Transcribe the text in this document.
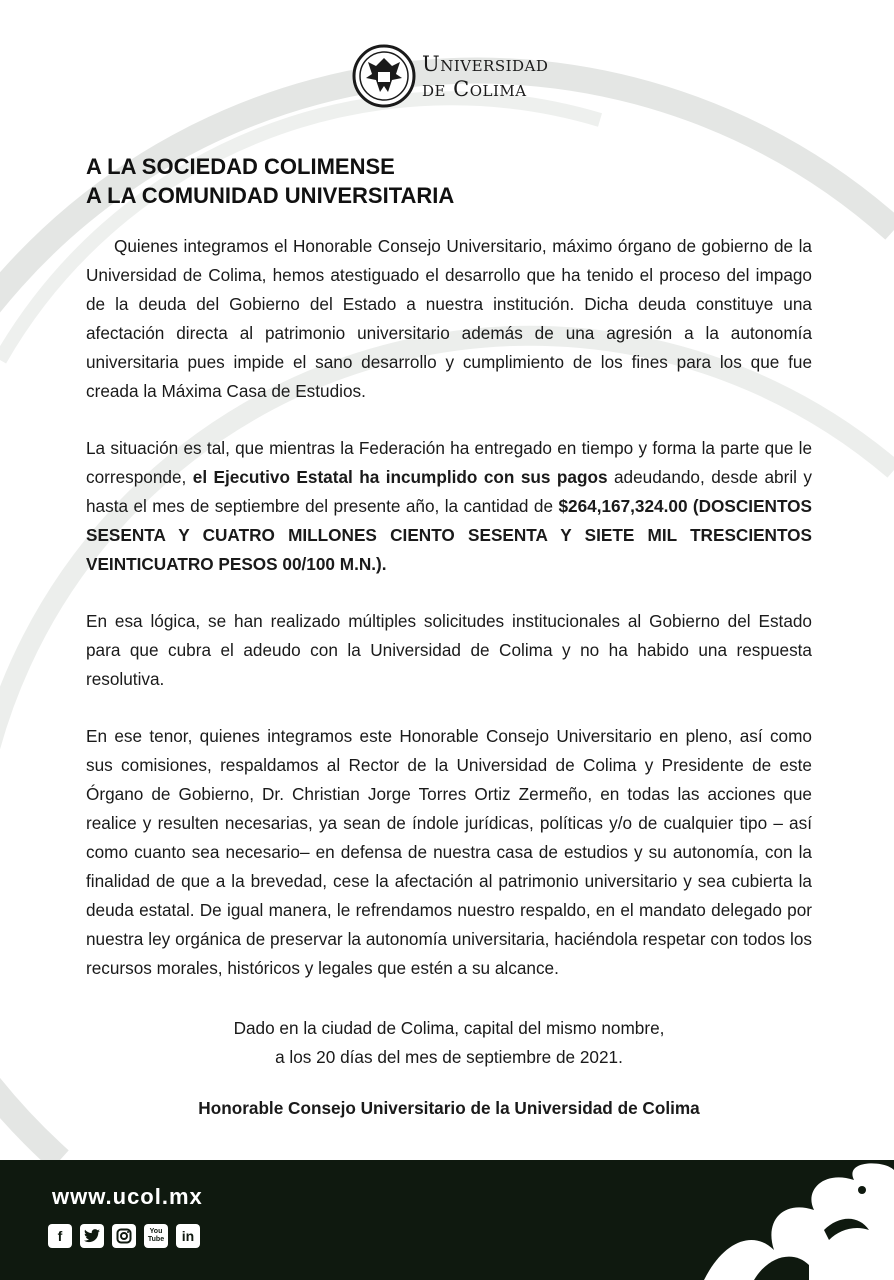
Universidad
de Colima
A LA SOCIEDAD COLIMENSE
A LA COMUNIDAD UNIVERSITARIA

Quienes integramos el Honorable Consejo Universitario, máximo órgano de gobierno de la Universidad de Colima, hemos atestiguado el desarrollo que ha tenido el proceso del impago de la deuda del Gobierno del Estado a nuestra institución. Dicha deuda constituye una afectación directa al patrimonio universitario además de una agresión a la autonomía universitaria pues impide el sano desarrollo y cumplimiento de los fines para los que fue creada la Máxima Casa de Estudios.

La situación es tal, que mientras la Federación ha entregado en tiempo y forma la parte que le corresponde, el Ejecutivo Estatal ha incumplido con sus pagos adeudando, desde abril y hasta el mes de septiembre del presente año, la cantidad de $264,167,324.00 (DOSCIENTOS SESENTA Y CUATRO MILLONES CIENTO SESENTA Y SIETE MIL TRESCIENTOS VEINTICUATRO PESOS 00/100 M.N.).

En esa lógica, se han realizado múltiples solicitudes institucionales al Gobierno del Estado para que cubra el adeudo con la Universidad de Colima y no ha habido una respuesta resolutiva.

En ese tenor, quienes integramos este Honorable Consejo Universitario en pleno, así como sus comisiones, respaldamos al Rector de la Universidad de Colima y Presidente de este Órgano de Gobierno, Dr. Christian Jorge Torres Ortiz Zermeño, en todas las acciones que realice y resulten necesarias, ya sean de índole jurídicas, políticas y/o de cualquier tipo – así como cuanto sea necesario– en defensa de nuestra casa de estudios y su autonomía, con la finalidad de que a la brevedad, cese la afectación al patrimonio universitario y sea cubierta la deuda estatal. De igual manera, le refrendamos nuestro respaldo, en el mandato delegado por nuestra ley orgánica de preservar la autonomía universitaria, haciéndola respetar con todos los recursos morales, históricos y legales que estén a su alcance.

Dado en la ciudad de Colima, capital del mismo nombre,
a los 20 días del mes de septiembre de 2021.
Honorable Consejo Universitario de la Universidad de Colima
www.ucol.mx
f	You Tube	in
